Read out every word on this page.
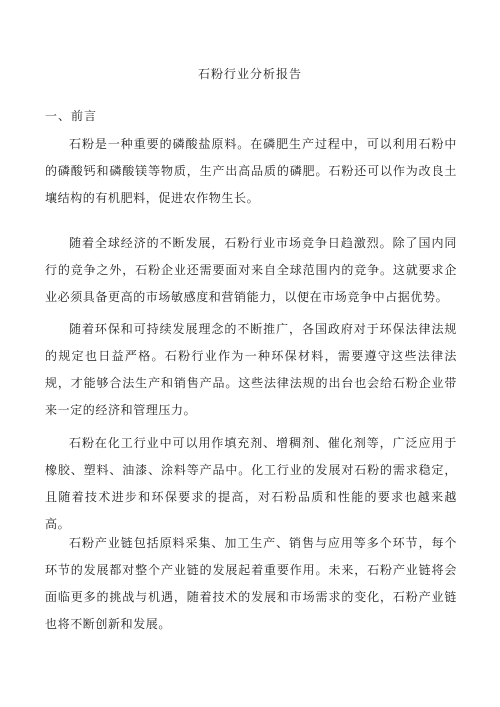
石粉行业分析报告
一、前言

石粉是一种重要的磷酸盐原料。在磷肥生产过程中，可以利用石粉中的磷酸钙和磷酸镁等物质，生产出高品质的磷肥。石粉还可以作为改良土壤结构的有机肥料，促进农作物生长。

随着全球经济的不断发展，石粉行业市场竞争日趋激烈。除了国内同行的竞争之外，石粉企业还需要面对来自全球范围内的竞争。这就要求企业必须具备更高的市场敏感度和营销能力，以便在市场竞争中占据优势。

随着环保和可持续发展理念的不断推广，各国政府对于环保法律法规的规定也日益严格。石粉行业作为一种环保材料，需要遵守这些法律法规，才能够合法生产和销售产品。这些法律法规的出台也会给石粉企业带来一定的经济和管理压力。

石粉在化工行业中可以用作填充剂、增稠剂、催化剂等，广泛应用于橡胶、塑料、油漆、涂料等产品中。化工行业的发展对石粉的需求稳定，且随着技术进步和环保要求的提高，对石粉品质和性能的要求也越来越高。

石粉产业链包括原料采集、加工生产、销售与应用等多个环节，每个环节的发展都对整个产业链的发展起着重要作用。未来，石粉产业链将会面临更多的挑战与机遇，随着技术的发展和市场需求的变化，石粉产业链也将不断创新和发展。
